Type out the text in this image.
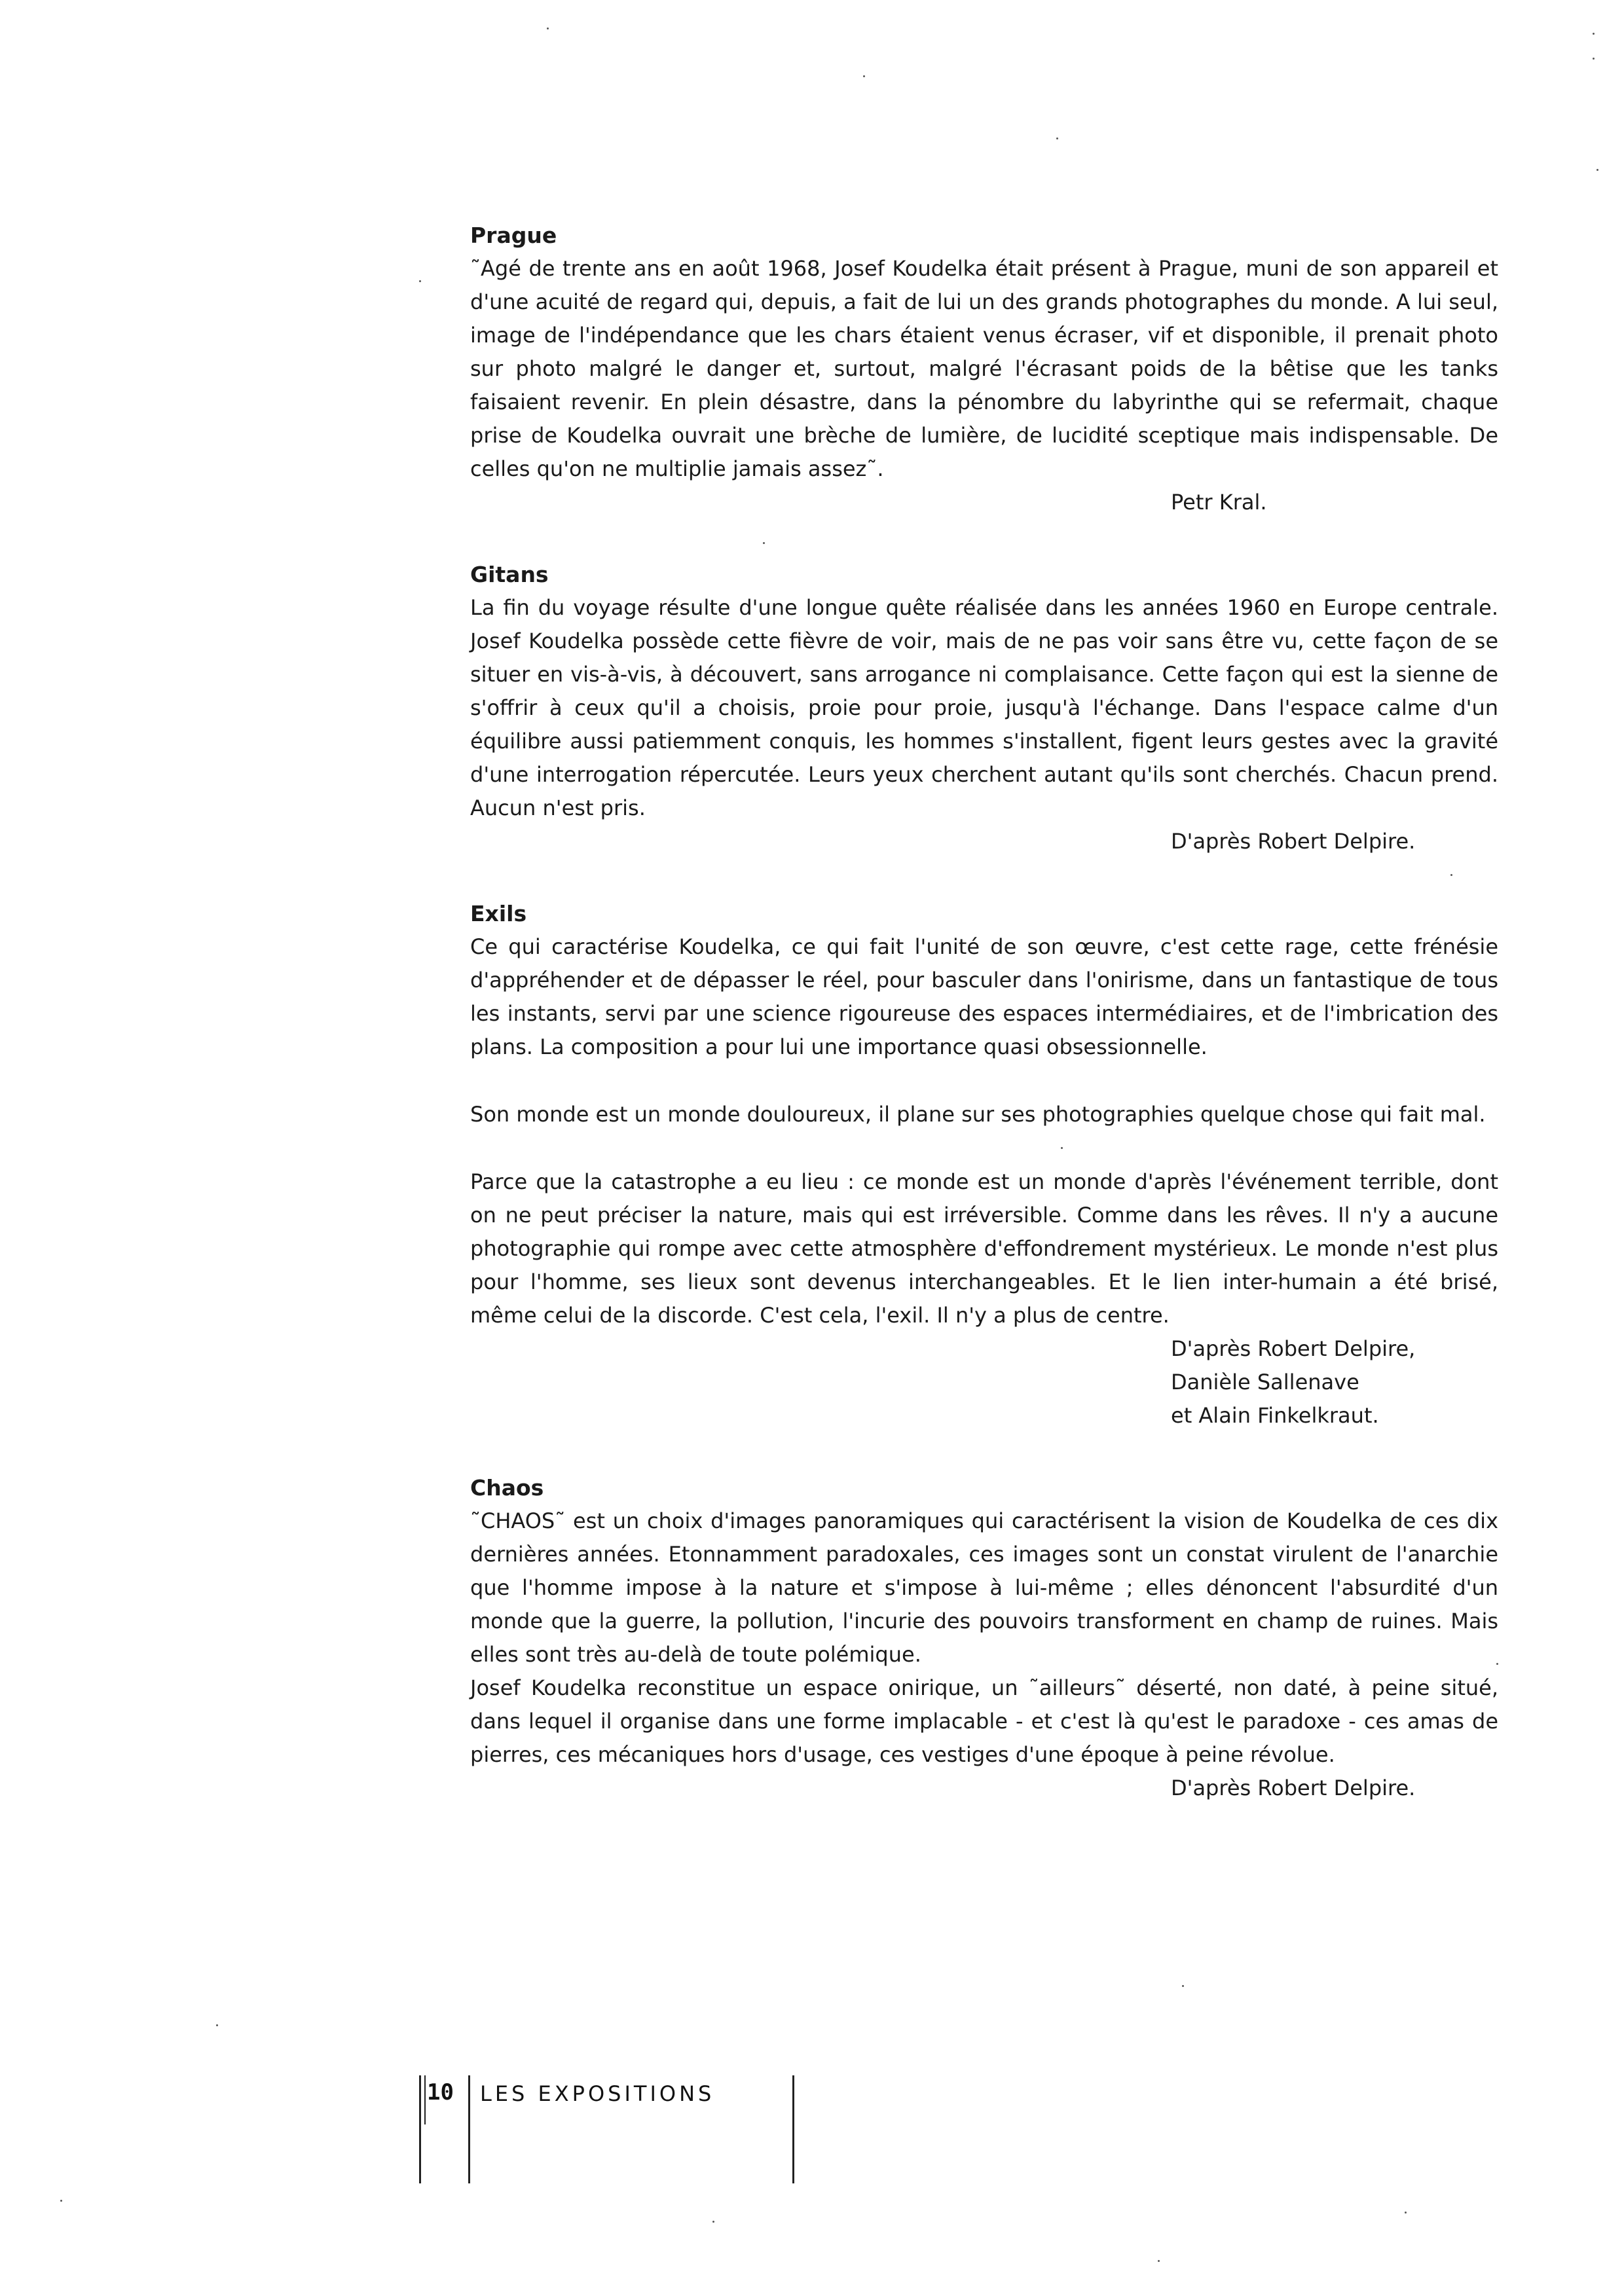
Prague

˜Agé de trente ans en août 1968, Josef Koudelka était présent à Prague, muni de son appareil et d'une acuité de regard qui, depuis, a fait de lui un des grands photographes du monde. A lui seul, image de l'indépendance que les chars étaient venus écraser, vif et disponible, il prenait photo sur photo malgré le danger et, surtout, malgré l'écrasant poids de la bêtise que les tanks faisaient revenir. En plein désastre, dans la pénombre du labyrinthe qui se refermait, chaque prise de Koudelka ouvrait une brèche de lumière, de lucidité sceptique mais indispensable. De celles qu'on ne multiplie jamais assez˜.

Petr Kral.

Gitans

La fin du voyage résulte d'une longue quête réalisée dans les années 1960 en Europe centrale. Josef Koudelka possède cette fièvre de voir, mais de ne pas voir sans être vu, cette façon de se situer en vis-à-vis, à découvert, sans arrogance ni complaisance. Cette façon qui est la sienne de s'offrir à ceux qu'il a choisis, proie pour proie, jusqu'à l'échange. Dans l'espace calme d'un équilibre aussi patiemment conquis, les hommes s'installent, figent leurs gestes avec la gravité d'une interrogation répercutée. Leurs yeux cherchent autant qu'ils sont cherchés. Chacun prend. Aucun n'est pris.

D'après Robert Delpire.

Exils

Ce qui caractérise Koudelka, ce qui fait l'unité de son œuvre, c'est cette rage, cette frénésie d'appréhender et de dépasser le réel, pour basculer dans l'onirisme, dans un fantastique de tous les instants, servi par une science rigoureuse des espaces intermédiaires, et de l'imbrication des plans. La composition a pour lui une importance quasi obsessionnelle.

Son monde est un monde douloureux, il plane sur ses photographies quelque chose qui fait mal.

Parce que la catastrophe a eu lieu : ce monde est un monde d'après l'événement terrible, dont on ne peut préciser la nature, mais qui est irréversible. Comme dans les rêves. Il n'y a aucune photographie qui rompe avec cette atmosphère d'effondrement mystérieux. Le monde n'est plus pour l'homme, ses lieux sont devenus interchangeables. Et le lien inter-humain a été brisé, même celui de la discorde. C'est cela, l'exil. Il n'y a plus de centre.

D'après Robert Delpire,

Danièle Sallenave

et Alain Finkelkraut.

Chaos

˜CHAOS˜ est un choix d'images panoramiques qui caractérisent la vision de Koudelka de ces dix dernières années. Etonnamment paradoxales, ces images sont un constat virulent de l'anarchie que l'homme impose à la nature et s'impose à lui-même ; elles dénoncent l'absurdité d'un monde que la guerre, la pollution, l'incurie des pouvoirs transforment en champ de ruines. Mais elles sont très au-delà de toute polémique.

Josef Koudelka reconstitue un espace onirique, un ˜ailleurs˜ déserté, non daté, à peine situé, dans lequel il organise dans une forme implacable - et c'est là qu'est le paradoxe - ces amas de pierres, ces mécaniques hors d'usage, ces vestiges d'une époque à peine révolue.

D'après Robert Delpire.

10 LES EXPOSITIONS
